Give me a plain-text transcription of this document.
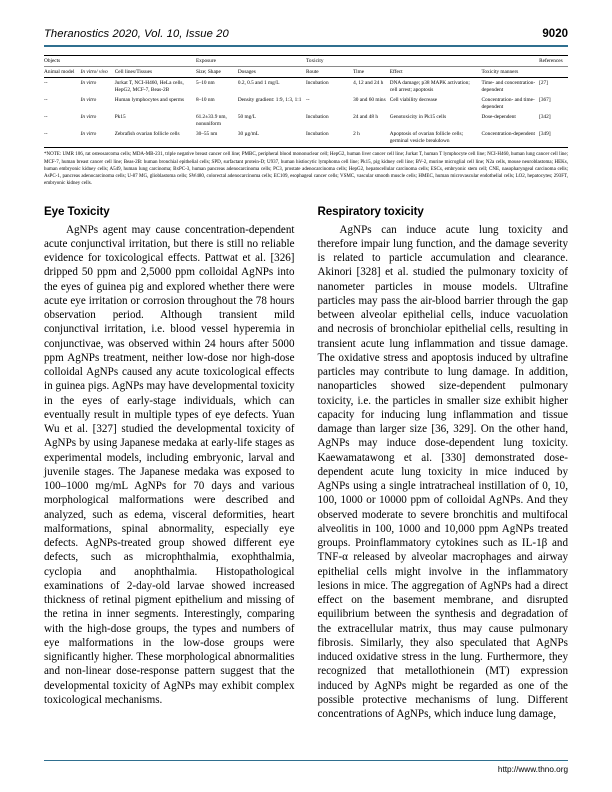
Theranostics 2020, Vol. 10, Issue 20	9020
Objects			Exposure		Toxicity				References
Animal model	In vitro/ vivo	Cell lines/Tissues	Size; Shape	Dosages	Route	Time	Effect	Toxicity manners	
--	In vitro	Jurkat T, NCI-H460, HeLa cells, HepG2, MCF-7, Beas-2B	5–10 nm	0.2, 0.5 and 1 mg/L	Incubation	4, 12 and 24 h	DNA damage; p38 MAPK activation; cell arrest; apoptosis	Time- and concentration-dependent	[27]
--	In vitro	Human lymphocytes and sperms	8–10 nm	Density gradient: 1:9, 1:3, 1:1	--	30 and 60 mins	Cell viability decrease	Concentration- and time-dependent	[367]
--	In vitro	Pk15	61.2±33.9 nm, nonuniform	50 mg/L	Incubation	24 and 48 h	Genotoxicity in Pk15 cells	Dose-dependent	[342]
--	In vitro	Zebrafish ovarian follicle cells	30–55 nm	30 µg/mL	Incubation	2 h	Apoptosis of ovarian follicle cells; germinal vesicle breakdown	Concentration-dependent	[349]

*NOTE: UMR 106, rat osteosarcoma cells; MDA-MB-231, triple negative breast cancer cell line; PMBC, peripheral blood mononuclear cell; HepG2, human liver cancer cell line; Jurkat T, human T lymphocyte cell line; NCI-H460, human lung cancer cell line; MCF-7, human breast cancer cell line; Beas-2B: human bronchial epithelial cells; SPD, surfactant protein-D; U937, human histiocytic lymphoma cell line; Pk15, pig kidney cell line; BV-2, murine microglial cell line; N2a cells, mouse neuroblastoma; HEKs, human embryonic kidney cells; A549, human lung carcinoma; BxPC-3, human pancreas adenocarcinoma cells; PC3, prostate adenocarcinoma cells; HepG2, hepatocellular carcinoma cells; ESCs, embryonic stem cell; CNE, nasopharyngeal carcinoma cells; AsPC-1, pancreas adenocarcinoma cells; U-87 MG, glioblastoma cells; SW480, colorectal adenocarcinoma cells; EC109, esophageal cancer cells; VSMC, vascular smooth muscle cells; HMEC, human microvascular endothelial cells; LO2, hepatocytes; 293FT, embryonic kidney cells.

Eye Toxicity

AgNPs agent may cause concentration-dependent acute conjunctival irritation, but there is still no reliable evidence for toxicological effects. Pattwat et al. [326] dripped 50 ppm and 2,5000 ppm colloidal AgNPs into the eyes of guinea pig and explored whether there were acute eye irritation or corrosion throughout the 78 hours observation period. Although transient mild conjunctival irritation, i.e. blood vessel hyperemia in conjunctivae, was observed within 24 hours after 5000 ppm AgNPs treatment, neither low-dose nor high-dose colloidal AgNPs caused any acute toxicological effects in guinea pigs. AgNPs may have developmental toxicity in the eyes of early-stage individuals, which can eventually result in multiple types of eye defects. Yuan Wu et al. [327] studied the developmental toxicity of AgNPs by using Japanese medaka at early-life stages as experimental models, including embryonic, larval and juvenile stages. The Japanese medaka was exposed to 100–1000 mg/mL AgNPs for 70 days and various morphological malformations were described and analyzed, such as edema, visceral deformities, heart malformations, spinal abnormality, especially eye defects. AgNPs-treated group showed different eye defects, such as microphthalmia, exophthalmia, cyclopia and anophthalmia. Histopathological examinations of 2-day-old larvae showed increased thickness of retinal pigment epithelium and missing of the retina in inner segments. Interestingly, comparing with the high-dose groups, the types and numbers of eye malformations in the low-dose groups were significantly higher. These morphological abnormalities and non-linear dose-response pattern suggest that the developmental toxicity of AgNPs may exhibit complex toxicological mechanisms.

Respiratory toxicity

AgNPs can induce acute lung toxicity and therefore impair lung function, and the damage severity is related to particle accumulation and clearance. Akinori [328] et al. studied the pulmonary toxicity of nanometer particles in mouse models. Ultrafine particles may pass the air-blood barrier through the gap between alveolar epithelial cells, induce vacuolation and necrosis of bronchiolar epithelial cells, resulting in transient acute lung inflammation and tissue damage. The oxidative stress and apoptosis induced by ultrafine particles may contribute to lung damage. In addition, nanoparticles showed size-dependent pulmonary toxicity, i.e. the particles in smaller size exhibit higher capacity for inducing lung inflammation and tissue damage than larger size [36, 329]. On the other hand, AgNPs may induce dose-dependent lung toxicity. Kaewamatawong et al. [330] demonstrated dose-dependent acute lung toxicity in mice induced by AgNPs using a single intratracheal instillation of 0, 10, 100, 1000 or 10000 ppm of colloidal AgNPs. And they observed moderate to severe bronchitis and multifocal alveolitis in 100, 1000 and 10,000 ppm AgNPs treated groups. Proinflammatory cytokines such as IL-1β and TNF-α released by alveolar macrophages and airway epithelial cells might involve in the inflammatory lesions in mice. The aggregation of AgNPs had a direct effect on the basement membrane, and disrupted equilibrium between the synthesis and degradation of the extracellular matrix, thus may cause pulmonary fibrosis. Similarly, they also speculated that AgNPs induced oxidative stress in the lung. Furthermore, they recognized that metallothionein (MT) expression induced by AgNPs might be regarded as one of the possible protective mechanisms of lung. Different concentrations of AgNPs, which induce lung damage,

http://www.thno.org
